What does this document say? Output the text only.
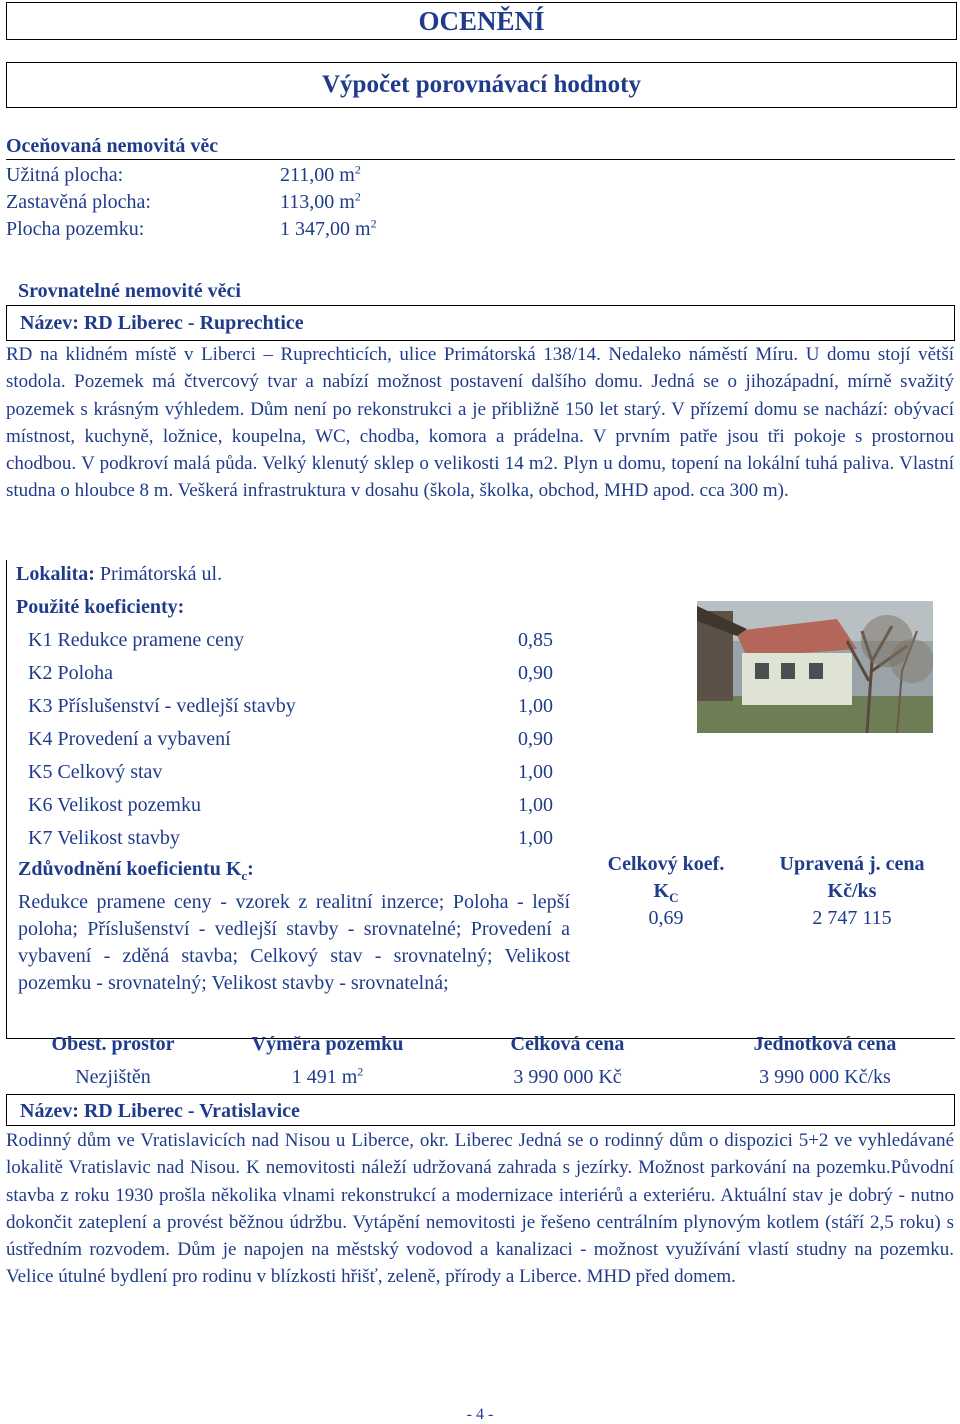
OCENĚNÍ
Výpočet porovnávací hodnoty
Oceňovaná nemovitá věc
Užitná plocha:	211,00 $m^2$
Zastavěná plocha:	113,00 $m^2$
Plocha pozemku:	1 347,00 $m^2$
Srovnatelné nemovité věci
Název: RD Liberec - Ruprechtice
RD na klidném místě v Liberci – Ruprechticích, ulice Primátorská 138/14. Nedaleko náměstí Míru. U domu stojí větší stodola. Pozemek má čtvercový tvar a nabízí možnost postavení dalšího domu. Jedná se o jihozápadní, mírně svažitý pozemek s krásným výhledem. Dům není po rekonstrukci a je přibližně 150 let starý. V přízemí domu se nachází: obývací místnost, kuchyně, ložnice, koupelna, WC, chodba, komora a prádelna. V prvním patře jsou tři pokoje s prostornou chodbou. V podkroví malá půda. Velký klenutý sklep o velikosti 14 m2. Plyn u domu, topení na lokální tuhá paliva. Vlastní studna o hloubce 8 m. Veškerá infrastruktura v dosahu (škola, školka, obchod, MHD apod. cca 300 m).
Lokalita: Primátorská ul.
Použité koeficienty:
K1 Redukce pramene ceny	0,85
K2 Poloha	0,90
K3 Příslušenství - vedlejší stavby	1,00
K4 Provedení a vybavení	0,90
K5 Celkový stav	1,00
K6 Velikost pozemku	1,00
K7 Velikost stavby	1,00
Zdůvodnění koeficientu $K_c$:
Redukce pramene ceny - vzorek z realitní inzerce; Poloha - lepší poloha; Příslušenství - vedlejší stavby - srovnatelné; Provedení a vybavení - zděná stavba; Celkový stav - srovnatelný; Velikost pozemku - srovnatelný; Velikost stavby - srovnatelná;
Celkový koef.
$K_C$
0,69
Upravená j. cena
Kč/ks
2 747 115
Obest. prostor	Výměra pozemku	Celková cena	Jednotková cena
Nezjištěn	1 491 $m^2$	3 990 000 Kč	3 990 000 Kč/ks
Název: RD Liberec - Vratislavice
Rodinný dům ve Vratislavicích nad Nisou u Liberce, okr. Liberec Jedná se o rodinný dům o dispozici 5+2 ve vyhledávané lokalitě Vratislavic nad Nisou. K nemovitosti náleží udržovaná zahrada s jezírky. Možnost parkování na pozemku.Původní stavba z roku 1930 prošla několika vlnami rekonstrukcí a modernizace interiérů a exteriéru. Aktuální stav je dobrý - nutno dokončit zateplení a provést běžnou údržbu. Vytápění nemovitosti je řešeno centrálním plynovým kotlem (stáří 2,5 roku) s ústředním rozvodem. Dům je napojen na městský vodovod a kanalizaci - možnost využívání vlastí studny na pozemku. Velice útulné bydlení pro rodinu v blízkosti hřišť, zeleně, přírody a Liberce. MHD před domem.
- 4 -
